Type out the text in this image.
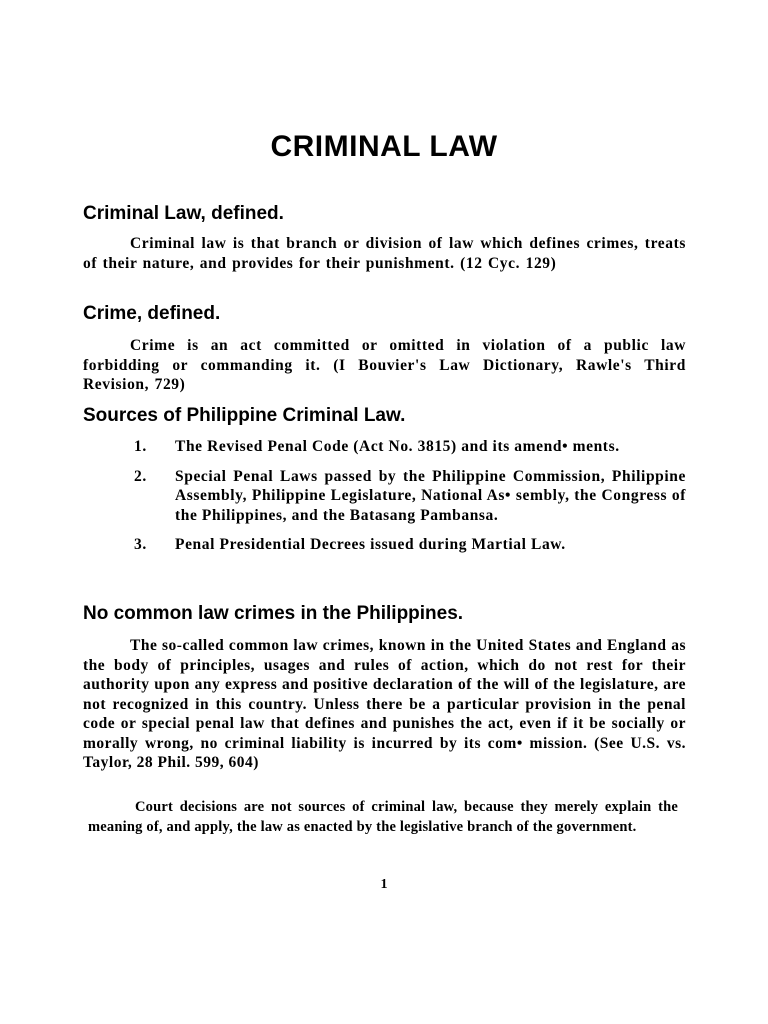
CRIMINAL LAW
Criminal Law, defined.

Criminal law is that branch or division of law which defines crimes, treats of their nature, and provides for their punishment. (12 Cyc. 129)

Crime, defined.

Crime is an act committed or omitted in violation of a public law forbidding or commanding it. (I Bouvier's Law Dictionary, Rawle's Third Revision, 729)

Sources of Philippine Criminal Law.
1. The Revised Penal Code (Act No. 3815) and its amend• ments.
2. Special Penal Laws passed by the Philippine Commission, Philippine Assembly, Philippine Legislature, National As• sembly, the Congress of the Philippines, and the Batasang Pambansa.
3. Penal Presidential Decrees issued during Martial Law.
No common law crimes in the Philippines.

The so-called common law crimes, known in the United States and England as the body of principles, usages and rules of action, which do not rest for their authority upon any express and positive declaration of the will of the legislature, are not recognized in this country. Unless there be a particular provision in the penal code or special penal law that defines and punishes the act, even if it be socially or morally wrong, no criminal liability is incurred by its com• mission. (See U.S. vs. Taylor, 28 Phil. 599, 604)

Court decisions are not sources of criminal law, because they merely explain the meaning of, and apply, the law as enacted by the legislative branch of the government.

1
